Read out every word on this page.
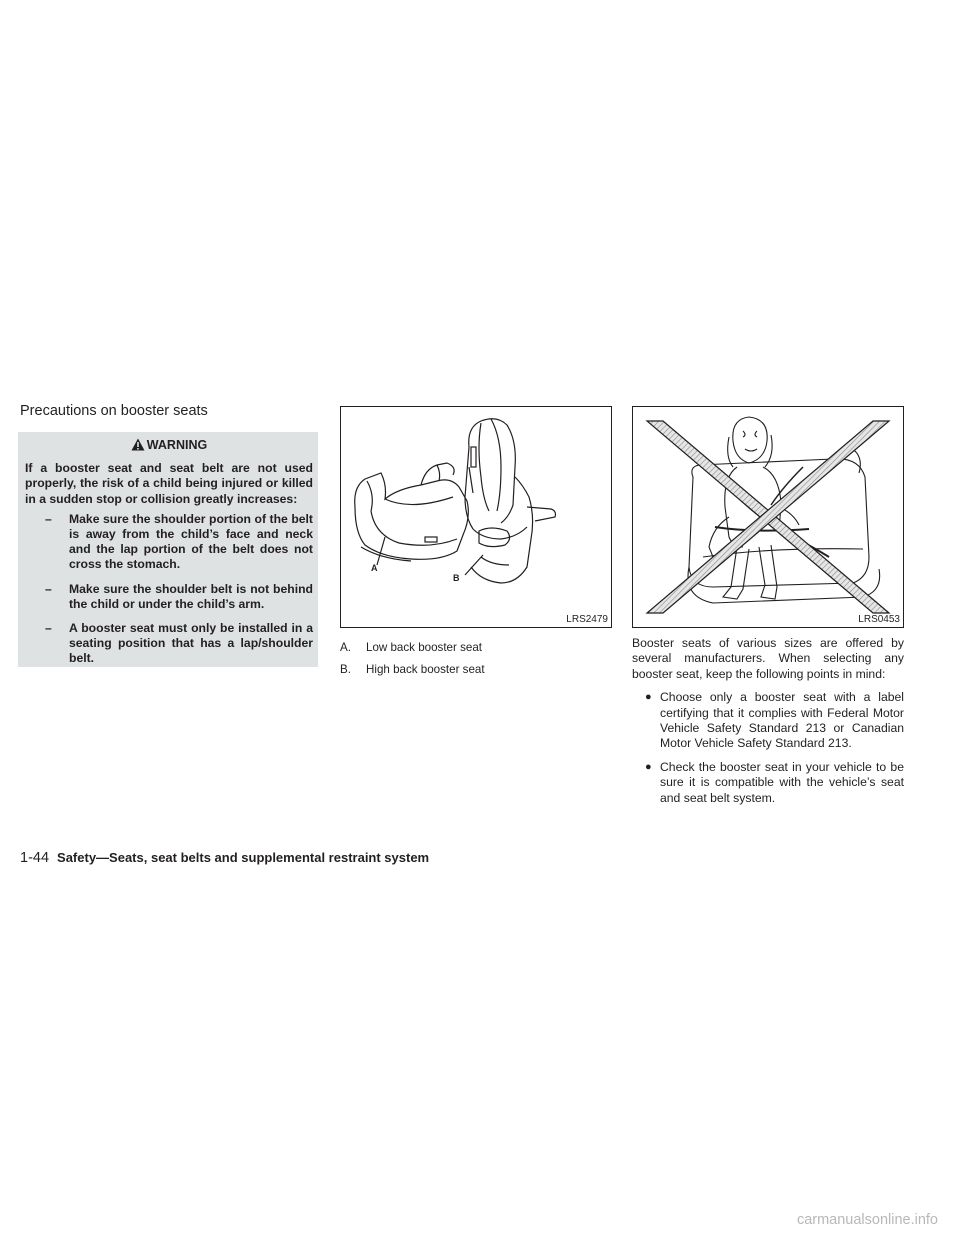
Precautions on booster seats
WARNING

If a booster seat and seat belt are not used properly, the risk of a child being injured or killed in a sudden stop or collision greatly increases:

– Make sure the shoulder portion of the belt is away from the child’s face and neck and the lap portion of the belt does not cross the stomach.
– Make sure the shoulder belt is not behind the child or under the child’s arm.
– A booster seat must only be installed in a seating position that has a lap/shoulder belt.
A
B
LRS2479
A.	Low back booster seat
B.	High back booster seat
LRS0453

Booster seats of various sizes are offered by several manufacturers. When selecting any booster seat, keep the following points in mind:

● Choose only a booster seat with a label certifying that it complies with Federal Motor Vehicle Safety Standard 213 or Canadian Motor Vehicle Safety Standard 213.
● Check the booster seat in your vehicle to be sure it is compatible with the vehicle’s seat and seat belt system.
1-44 Safety—Seats, seat belts and supplemental restraint system
carmanualsonline.info
